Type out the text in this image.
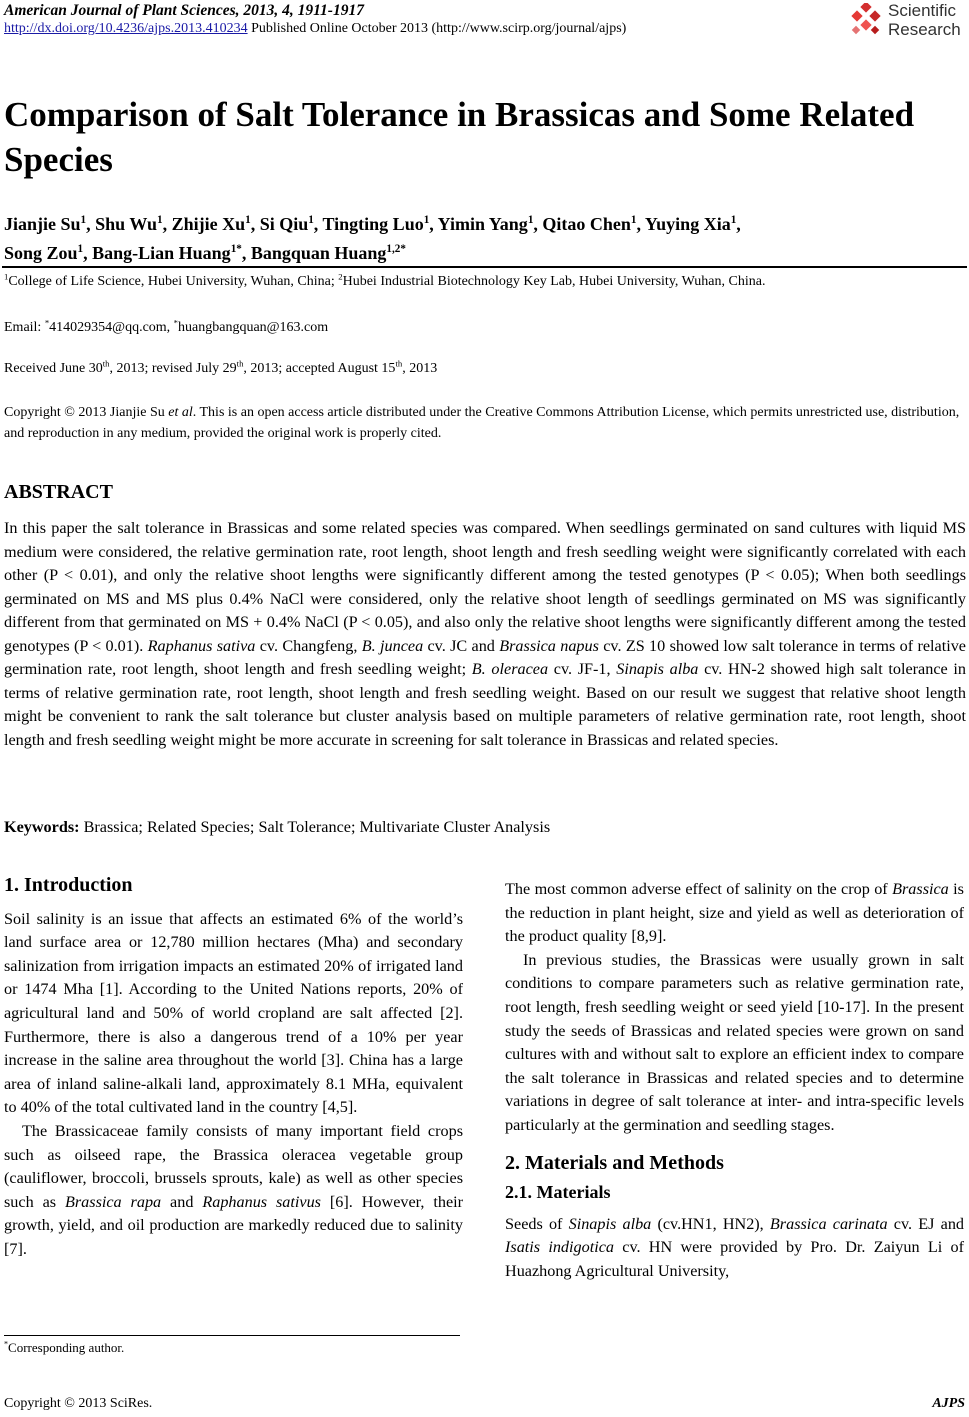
American Journal of Plant Sciences, 2013, 4, 1911-1917
http://dx.doi.org/10.4236/ajps.2013.410234 Published Online October 2013 (http://www.scirp.org/journal/ajps)
Scientific
Research
Comparison of Salt Tolerance in Brassicas and Some Related Species
Jianjie Su$^1$, Shu Wu$^1$, Zhijie Xu$^1$, Si Qiu$^1$, Tingting Luo$^1$, Yimin Yang$^1$, Qitao Chen$^1$, Yuying Xia$^1$,
Song Zou$^1$, Bang-Lian Huang$^{1*}$, Bangquan Huang$^{1,2*}$
$^1$College of Life Science, Hubei University, Wuhan, China; $^2$Hubei Industrial Biotechnology Key Lab, Hubei University, Wuhan, China.
Email: *414029354@qq.com, *huangbangquan@163.com
Received June 30th, 2013; revised July 29th, 2013; accepted August 15th, 2013
Copyright © 2013 Jianjie Su et al. This is an open access article distributed under the Creative Commons Attribution License, which permits unrestricted use, distribution, and reproduction in any medium, provided the original work is properly cited.
ABSTRACT
In this paper the salt tolerance in Brassicas and some related species was compared. When seedlings germinated on sand cultures with liquid MS medium were considered, the relative germination rate, root length, shoot length and fresh seedling weight were significantly correlated with each other (P < 0.01), and only the relative shoot lengths were significantly different among the tested genotypes (P < 0.05); When both seedlings germinated on MS and MS plus 0.4% NaCl were considered, only the relative shoot length of seedlings germinated on MS was significantly different from that germinated on MS + 0.4% NaCl (P < 0.05), and also only the relative shoot lengths were significantly different among the tested genotypes (P < 0.01). Raphanus sativa cv. Changfeng, B. juncea cv. JC and Brassica napus cv. ZS 10 showed low salt tolerance in terms of relative germination rate, root length, shoot length and fresh seedling weight; B. oleracea cv. JF-1, Sinapis alba cv. HN-2 showed high salt tolerance in terms of relative germination rate, root length, shoot length and fresh seedling weight. Based on our result we suggest that relative shoot length might be convenient to rank the salt tolerance but cluster analysis based on multiple parameters of relative germination rate, root length, shoot length and fresh seedling weight might be more accurate in screening for salt tolerance in Brassicas and related species.
Keywords: Brassica; Related Species; Salt Tolerance; Multivariate Cluster Analysis
1. Introduction

Soil salinity is an issue that affects an estimated 6% of the world’s land surface area or 12,780 million hectares (Mha) and secondary salinization from irrigation impacts an estimated 20% of irrigated land or 1474 Mha [1]. According to the United Nations reports, 20% of agricultural land and 50% of world cropland are salt affected [2]. Furthermore, there is also a dangerous trend of a 10% per year increase in the saline area throughout the world [3]. China has a large area of inland saline-alkali land, approximately 8.1 MHa, equivalent to 40% of the total cultivated land in the country [4,5].

The Brassicaceae family consists of many important field crops such as oilseed rape, the Brassica oleracea vegetable group (cauliflower, broccoli, brussels sprouts, kale) as well as other species such as Brassica rapa and Raphanus sativus [6]. However, their growth, yield, and oil production are markedly reduced due to salinity [7].

The most common adverse effect of salinity on the crop of Brassica is the reduction in plant height, size and yield as well as deterioration of the product quality [8,9].

In previous studies, the Brassicas were usually grown in salt conditions to compare parameters such as relative germination rate, root length, fresh seedling weight or seed yield [10-17]. In the present study the seeds of Brassicas and related species were grown on sand cultures with and without salt to explore an efficient index to compare the salt tolerance in Brassicas and related species and to determine variations in degree of salt tolerance at inter- and intra-specific levels particularly at the germination and seedling stages.

2. Materials and Methods
2.1. Materials

Seeds of Sinapis alba (cv.HN1, HN2), Brassica carinata cv. EJ and Isatis indigotica cv. HN were provided by Pro. Dr. Zaiyun Li of Huazhong Agricultural University,

*Corresponding author.
Copyright © 2013 SciRes.	AJPS
